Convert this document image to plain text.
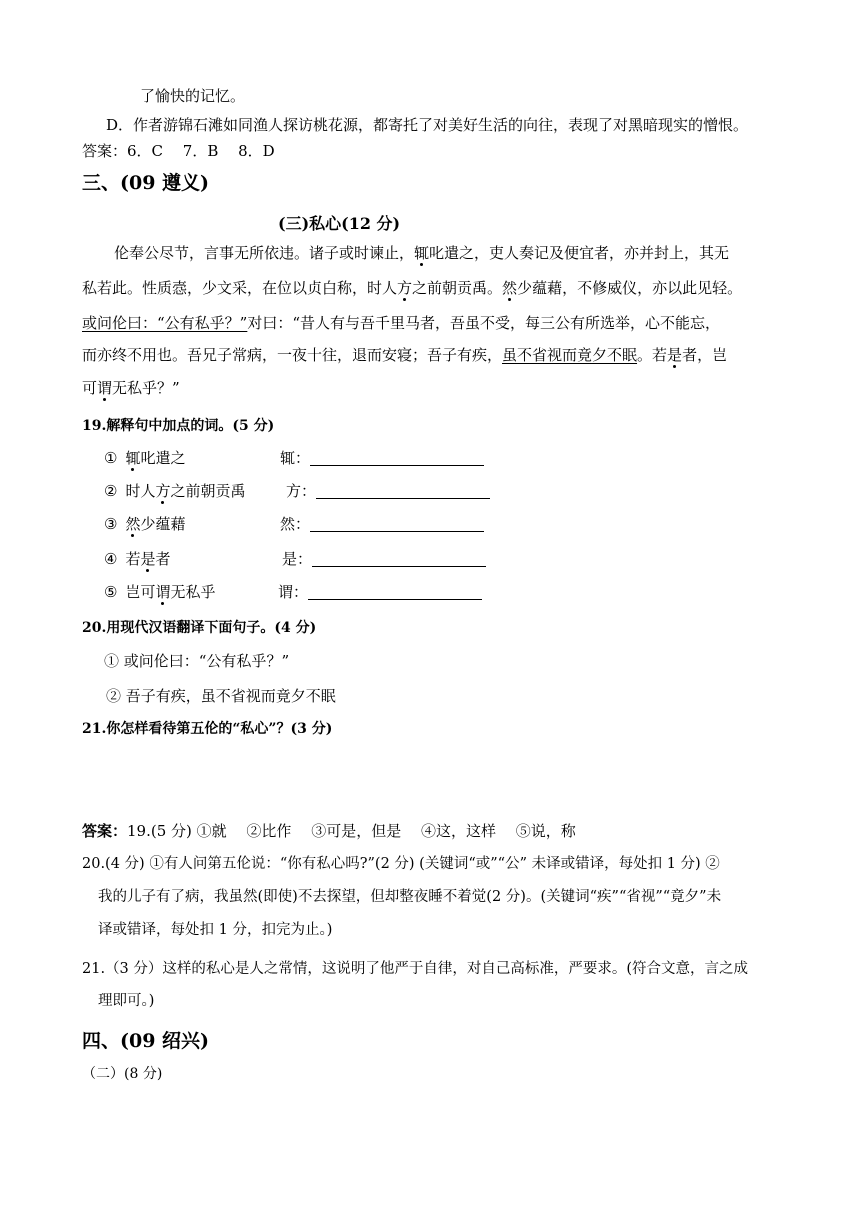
了愉快的记忆。
D．作者游锦石滩如同渔人探访桃花源，都寄托了对美好生活的向往，表现了对黑暗现实的憎恨。
答案：6．C　 7．B　 8．D
三、(09 遵义)
(三)私心(12 分)
伦奉公尽节，言事无所依违。诸子或时谏止，辄叱遣之，吏人奏记及便宜者，亦并封上，其无
私若此。性质悫，少文采，在位以贞白称，时人方之前朝贡禹。然少蕴藉，不修威仪，亦以此见轻。
或问伦曰：“公有私乎？”对曰：“昔人有与吾千里马者，吾虽不受，每三公有所选举，心不能忘，
而亦终不用也。吾兄子常病，一夜十往，退而安寝；吾子有疾，虽不省视而竟夕不眠。若是者，岂
可谓无私乎？”
19.解释句中加点的词。(5 分)
① 辄叱遣之	辄：
② 时人方之前朝贡禹	方：
③ 然少蕴藉	然：
④ 若是者	是：
⑤ 岂可谓无私乎	谓：
20.用现代汉语翻译下面句子。(4 分)
① 或问伦曰：“公有私乎？”
② 吾子有疾，虽不省视而竟夕不眠
21.你怎样看待第五伦的“私心”？(3 分)
答案：19.(5 分) ①就　 ②比作　 ③可是，但是　 ④这，这样　 ⑤说，称
20.(4 分) ①有人问第五伦说：“你有私心吗?”(2 分) (关键词“或”“公” 未译或错译，每处扣 1 分) ②
我的儿子有了病，我虽然(即使)不去探望，但却整夜睡不着觉(2 分)。(关键词“疾”“省视”“竟夕”未
译或错译，每处扣 1 分，扣完为止。)
21.（3 分）这样的私心是人之常情，这说明了他严于自律，对自己高标准，严要求。(符合文意，言之成
理即可。)
四、(09 绍兴)
（二）(8 分)
